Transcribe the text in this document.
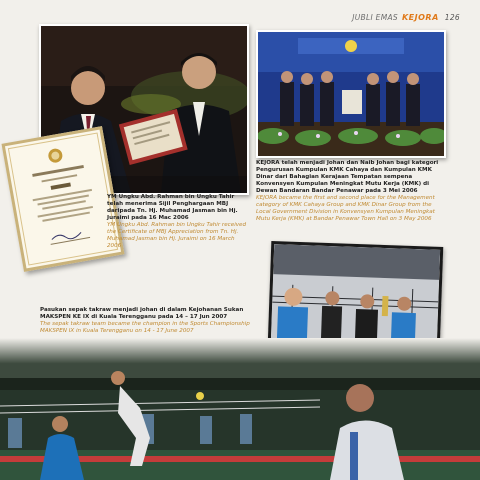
JUBLI EMAS KEJORA 126
YM Ungku Abd. Rahman bin Ungku Tahir telah menerima Sijil Penghargaan MBJ daripada Tn. Hj. Muhamad Jasman bin Hj. Juraimi pada 16 Mac 2006
YM Ungku Abd. Rahman bin Ungku Tahir received the Certificate of MBJ Appreciation from Tn. Hj. Muhamad Jasman bin Hj. Juraimi on 16 March 2006
KEJORA telah menjadi Johan dan Naib Johan bagi kategori Pengurusan Kumpulan KMK Cahaya dan Kumpulan KMK Dinar dari Bahagian Kerajaan Tempatan sempena Konvensyen Kumpulan Meningkat Mutu Kerja (KMK) di Dewan Bandaran Bandar Penawar pada 3 Mei 2006
KEJORA became the first and second place for the Management category of KMK Cahaya Group and KMK Dinar Group from the Local Government Division in Konvensyen Kumpulan Meningkat Mutu Kerja (KMK) at Bandar Penawar Town Hall on 3 May 2006
Pasukan sepak takraw menjadi johan di dalam Kejohanan Sukan MAKSPEN KE IX di Kuala Terengganu pada 14 – 17 Jun 2007
The sepak takraw team became the champion in the Sports Championship MAKSPEN IX in Kuala Terengganu on 14 - 17 June 2007
